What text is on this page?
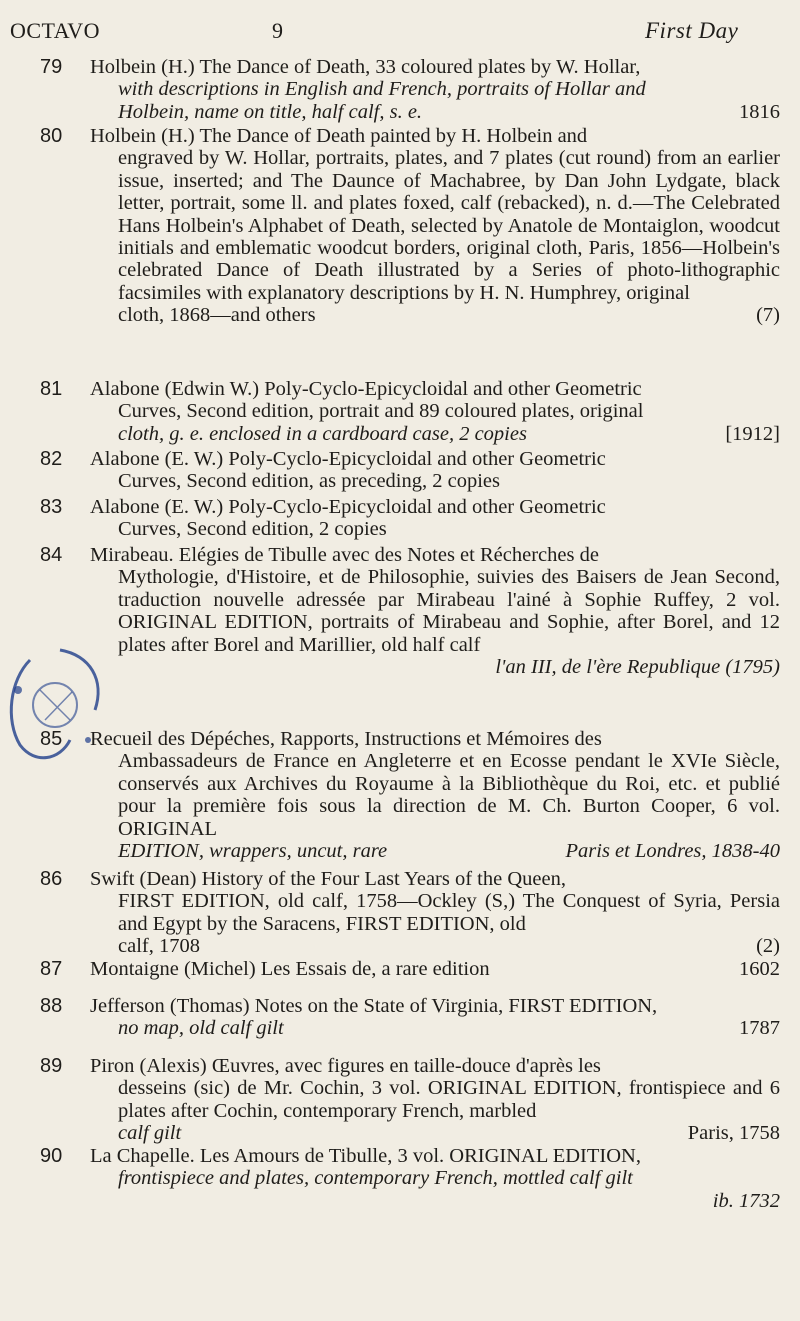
OCTAVO	9	First Day
79 Holbein (H.) The Dance of Death, 33 coloured plates by W. Hollar,
with descriptions in English and French, portraits of Hollar and
Holbein, name on title, half calf, s. e.	1816
80 Holbein (H.) The Dance of Death painted by H. Holbein and
engraved by W. Hollar, portraits, plates, and 7 plates (cut round) from an earlier issue, inserted; and The Daunce of Machabree, by Dan John Lydgate, black letter, portrait, some ll. and plates foxed, calf (rebacked), n. d.—The Celebrated Hans Holbein's Alphabet of Death, selected by Anatole de Montaiglon, woodcut initials and emblematic woodcut borders, original cloth, Paris, 1856—Holbein's celebrated Dance of Death illustrated by a Series of photo-lithographic facsimiles with explanatory descriptions by H. N. Humphrey, original
cloth, 1868—and others	(7)
81 Alabone (Edwin W.) Poly-Cyclo-Epicycloidal and other Geometric
Curves, Second edition, portrait and 89 coloured plates, original
cloth, g. e. enclosed in a cardboard case, 2 copies	[1912]
82 Alabone (E. W.) Poly-Cyclo-Epicycloidal and other Geometric
Curves, Second edition, as preceding, 2 copies
83 Alabone (E. W.) Poly-Cyclo-Epicycloidal and other Geometric
Curves, Second edition, 2 copies
84 Mirabeau. Elégies de Tibulle avec des Notes et Récherches de
Mythologie, d'Histoire, et de Philosophie, suivies des Baisers de Jean Second, traduction nouvelle adressée par Mirabeau l'ainé à Sophie Ruffey, 2 vol. ORIGINAL EDITION, portraits of Mirabeau and Sophie, after Borel, and 12 plates after Borel and Marillier, old half calf
l'an III, de l'ère Republique (1795)
85 Recueil des Dépéches, Rapports, Instructions et Mémoires des
Ambassadeurs de France en Angleterre et en Ecosse pendant le XVIe Siècle, conservés aux Archives du Royaume à la Bibliothèque du Roi, etc. et publié pour la première fois sous la direction de M. Ch. Burton Cooper, 6 vol. ORIGINAL
EDITION, wrappers, uncut, rare	Paris et Londres, 1838-40
86 Swift (Dean) History of the Four Last Years of the Queen,
FIRST EDITION, old calf, 1758—Ockley (S,) The Conquest of Syria, Persia and Egypt by the Saracens, FIRST EDITION, old
calf, 1708	(2)
87 Montaigne (Michel) Les Essais de, a rare edition	1602
88 Jefferson (Thomas) Notes on the State of Virginia, FIRST EDITION,
no map, old calf gilt	1787
89 Piron (Alexis) Œuvres, avec figures en taille-douce d'après les
desseins (sic) de Mr. Cochin, 3 vol. ORIGINAL EDITION, frontispiece and 6 plates after Cochin, contemporary French, marbled
calf gilt	Paris, 1758
90 La Chapelle. Les Amours de Tibulle, 3 vol. ORIGINAL EDITION,
frontispiece and plates, contemporary French, mottled calf gilt
ib. 1732
